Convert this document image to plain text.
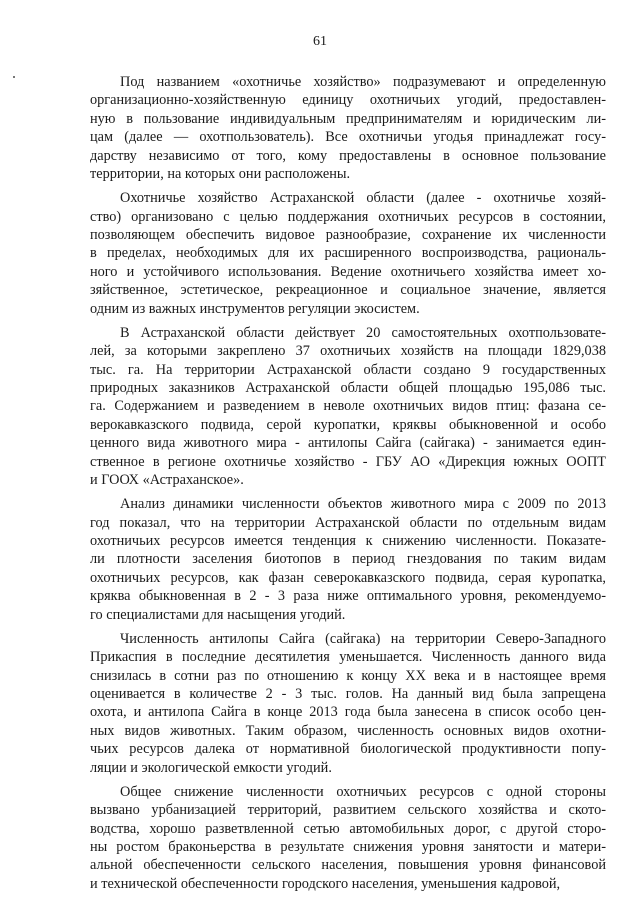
61
Под названием «охотничье хозяйство» подразумевают и определенную
организационно-хозяйственную единицу охотничьих угодий, предоставлен-
ную в пользование индивидуальным предпринимателям и юридическим ли-
цам (далее — охотпользователь). Все охотничьи угодья принадлежат госу-
дарству независимо от того, кому предоставлены в основное пользование
территории, на которых они расположены.
Охотничье хозяйство Астраханской области (далее - охотничье хозяй-
ство) организовано с целью поддержания охотничьих ресурсов в состоянии,
позволяющем обеспечить видовое разнообразие, сохранение их численности
в пределах, необходимых для их расширенного воспроизводства, рациональ-
ного и устойчивого использования. Ведение охотничьего хозяйства имеет хо-
зяйственное, эстетическое, рекреационное и социальное значение, является
одним из важных инструментов регуляции экосистем.
В Астраханской области действует 20 самостоятельных охотпользовате-
лей, за которыми закреплено 37 охотничьих хозяйств на площади 1829,038
тыс. га. На территории Астраханской области создано 9 государственных
природных заказников Астраханской области общей площадью 195,086 тыс.
га. Содержанием и разведением в неволе охотничьих видов птиц: фазана се-
верокавказского подвида, серой куропатки, кряквы обыкновенной и особо
ценного вида животного мира - антилопы Сайга (сайгака) - занимается един-
ственное в регионе охотничье хозяйство - ГБУ АО «Дирекция южных ООПТ
и ГООХ «Астраханское».
Анализ динамики численности объектов животного мира с 2009 по 2013
год показал, что на территории Астраханской области по отдельным видам
охотничьих ресурсов имеется тенденция к снижению численности. Показате-
ли плотности заселения биотопов в период гнездования по таким видам
охотничьих ресурсов, как фазан северокавказского подвида, серая куропатка,
кряква обыкновенная в 2 - 3 раза ниже оптимального уровня, рекомендуемо-
го специалистами для насыщения угодий.
Численность антилопы Сайга (сайгака) на территории Северо-Западного
Прикаспия в последние десятилетия уменьшается. Численность данного вида
снизилась в сотни раз по отношению к концу XX века и в настоящее время
оценивается в количестве 2 - 3 тыс. голов. На данный вид была запрещена
охота, и антилопа Сайга в конце 2013 года была занесена в список особо цен-
ных видов животных. Таким образом, численность основных видов охотни-
чьих ресурсов далека от нормативной биологической продуктивности попу-
ляции и экологической емкости угодий.
Общее снижение численности охотничьих ресурсов с одной стороны
вызвано урбанизацией территорий, развитием сельского хозяйства и ското-
водства, хорошо разветвленной сетью автомобильных дорог, с другой сторо-
ны ростом браконьерства в результате снижения уровня занятости и матери-
альной обеспеченности сельского населения, повышения уровня финансовой
и технической обеспеченности городского населения, уменьшения кадровой,
